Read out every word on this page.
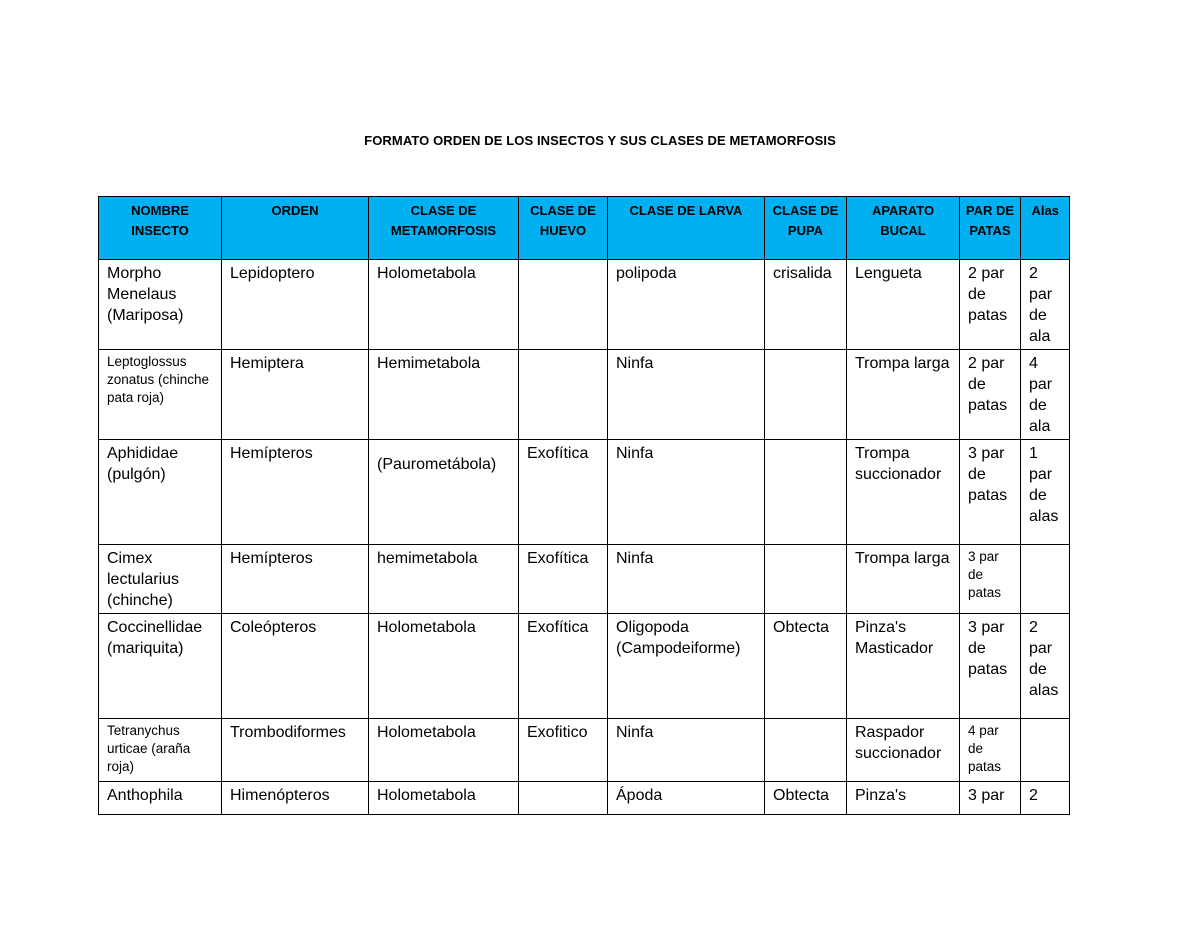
FORMATO ORDEN DE LOS INSECTOS Y SUS CLASES DE METAMORFOSIS
NOMBRE INSECTO	ORDEN	CLASE DE METAMORFOSIS	CLASE DE HUEVO	CLASE DE LARVA	CLASE DE PUPA	APARATO BUCAL	PAR DE PATAS	Alas
Morpho Menelaus (Mariposa)	Lepidoptero	Holometabola		polipoda	crisalida	Lengueta	2 par de patas	2 par de ala
Leptoglossus zonatus (chinche pata roja)	Hemiptera	Hemimetabola		Ninfa		Trompa larga	2 par de patas	4 par de ala
Aphididae (pulgón)	Hemípteros	(Paurometábola)	Exofítica	Ninfa		Trompa succionador	3 par de patas	1 par de alas
Cimex lectularius (chinche)	Hemípteros	hemimetabola	Exofítica	Ninfa		Trompa larga	3 par de patas	
Coccinellidae (mariquita)	Coleópteros	Holometabola	Exofítica	Oligopoda (Campodeiforme)	Obtecta	Pinza's Masticador	3 par de patas	2 par de alas
Tetranychus urticae (araña roja)	Trombodiformes	Holometabola	Exofitico	Ninfa		Raspador succionador	4 par de patas	
Anthophila	Himenópteros	Holometabola		Ápoda	Obtecta	Pinza's	3 par	2
